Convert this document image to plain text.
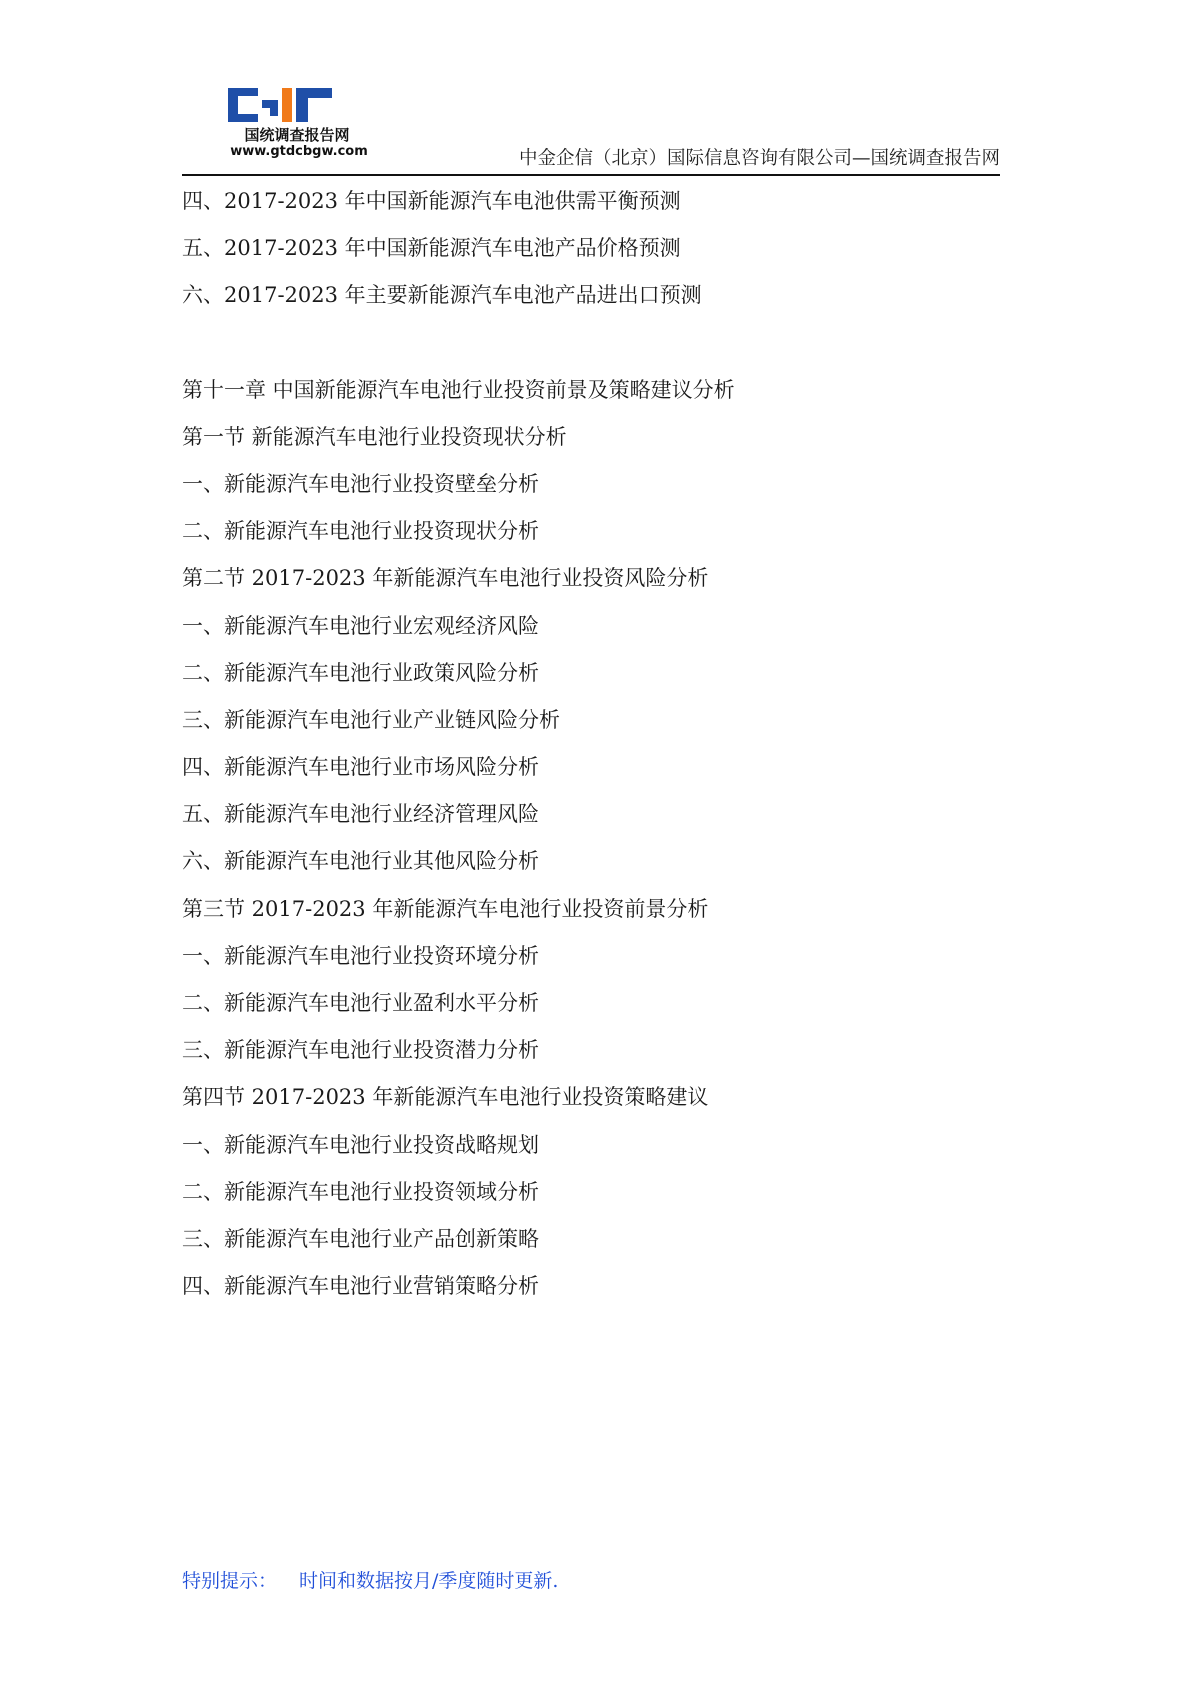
国统调查报告网
www.gtdcbgw.com	中金企信（北京）国际信息咨询有限公司—国统调查报告网
四、2017-2023 年中国新能源汽车电池供需平衡预测
五、2017-2023 年中国新能源汽车电池产品价格预测
六、2017-2023 年主要新能源汽车电池产品进出口预测
第十一章 中国新能源汽车电池行业投资前景及策略建议分析
第一节 新能源汽车电池行业投资现状分析
一、新能源汽车电池行业投资壁垒分析
二、新能源汽车电池行业投资现状分析
第二节 2017-2023 年新能源汽车电池行业投资风险分析
一、新能源汽车电池行业宏观经济风险
二、新能源汽车电池行业政策风险分析
三、新能源汽车电池行业产业链风险分析
四、新能源汽车电池行业市场风险分析
五、新能源汽车电池行业经济管理风险
六、新能源汽车电池行业其他风险分析
第三节 2017-2023 年新能源汽车电池行业投资前景分析
一、新能源汽车电池行业投资环境分析
二、新能源汽车电池行业盈利水平分析
三、新能源汽车电池行业投资潜力分析
第四节 2017-2023 年新能源汽车电池行业投资策略建议
一、新能源汽车电池行业投资战略规划
二、新能源汽车电池行业投资领域分析
三、新能源汽车电池行业产品创新策略
四、新能源汽车电池行业营销策略分析
特别提示： 时间和数据按月/季度随时更新.
